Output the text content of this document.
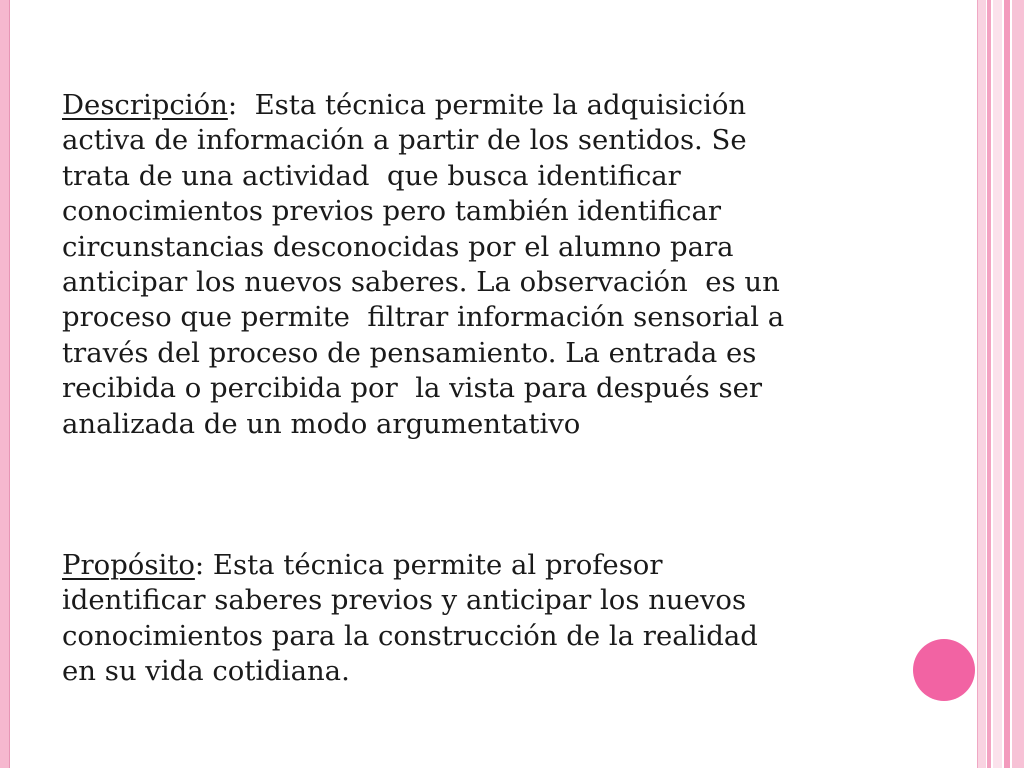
Descripción:  Esta técnica permite la adquisición
activa de información a partir de los sentidos. Se
trata de una actividad  que busca identificar
conocimientos previos pero también identificar
circunstancias desconocidas por el alumno para
anticipar los nuevos saberes. La observación  es un
proceso que permite  filtrar información sensorial a
través del proceso de pensamiento. La entrada es
recibida o percibida por  la vista para después ser
analizada de un modo argumentativo

Propósito: Esta técnica permite al profesor
identificar saberes previos y anticipar los nuevos
conocimientos para la construcción de la realidad
en su vida cotidiana.
